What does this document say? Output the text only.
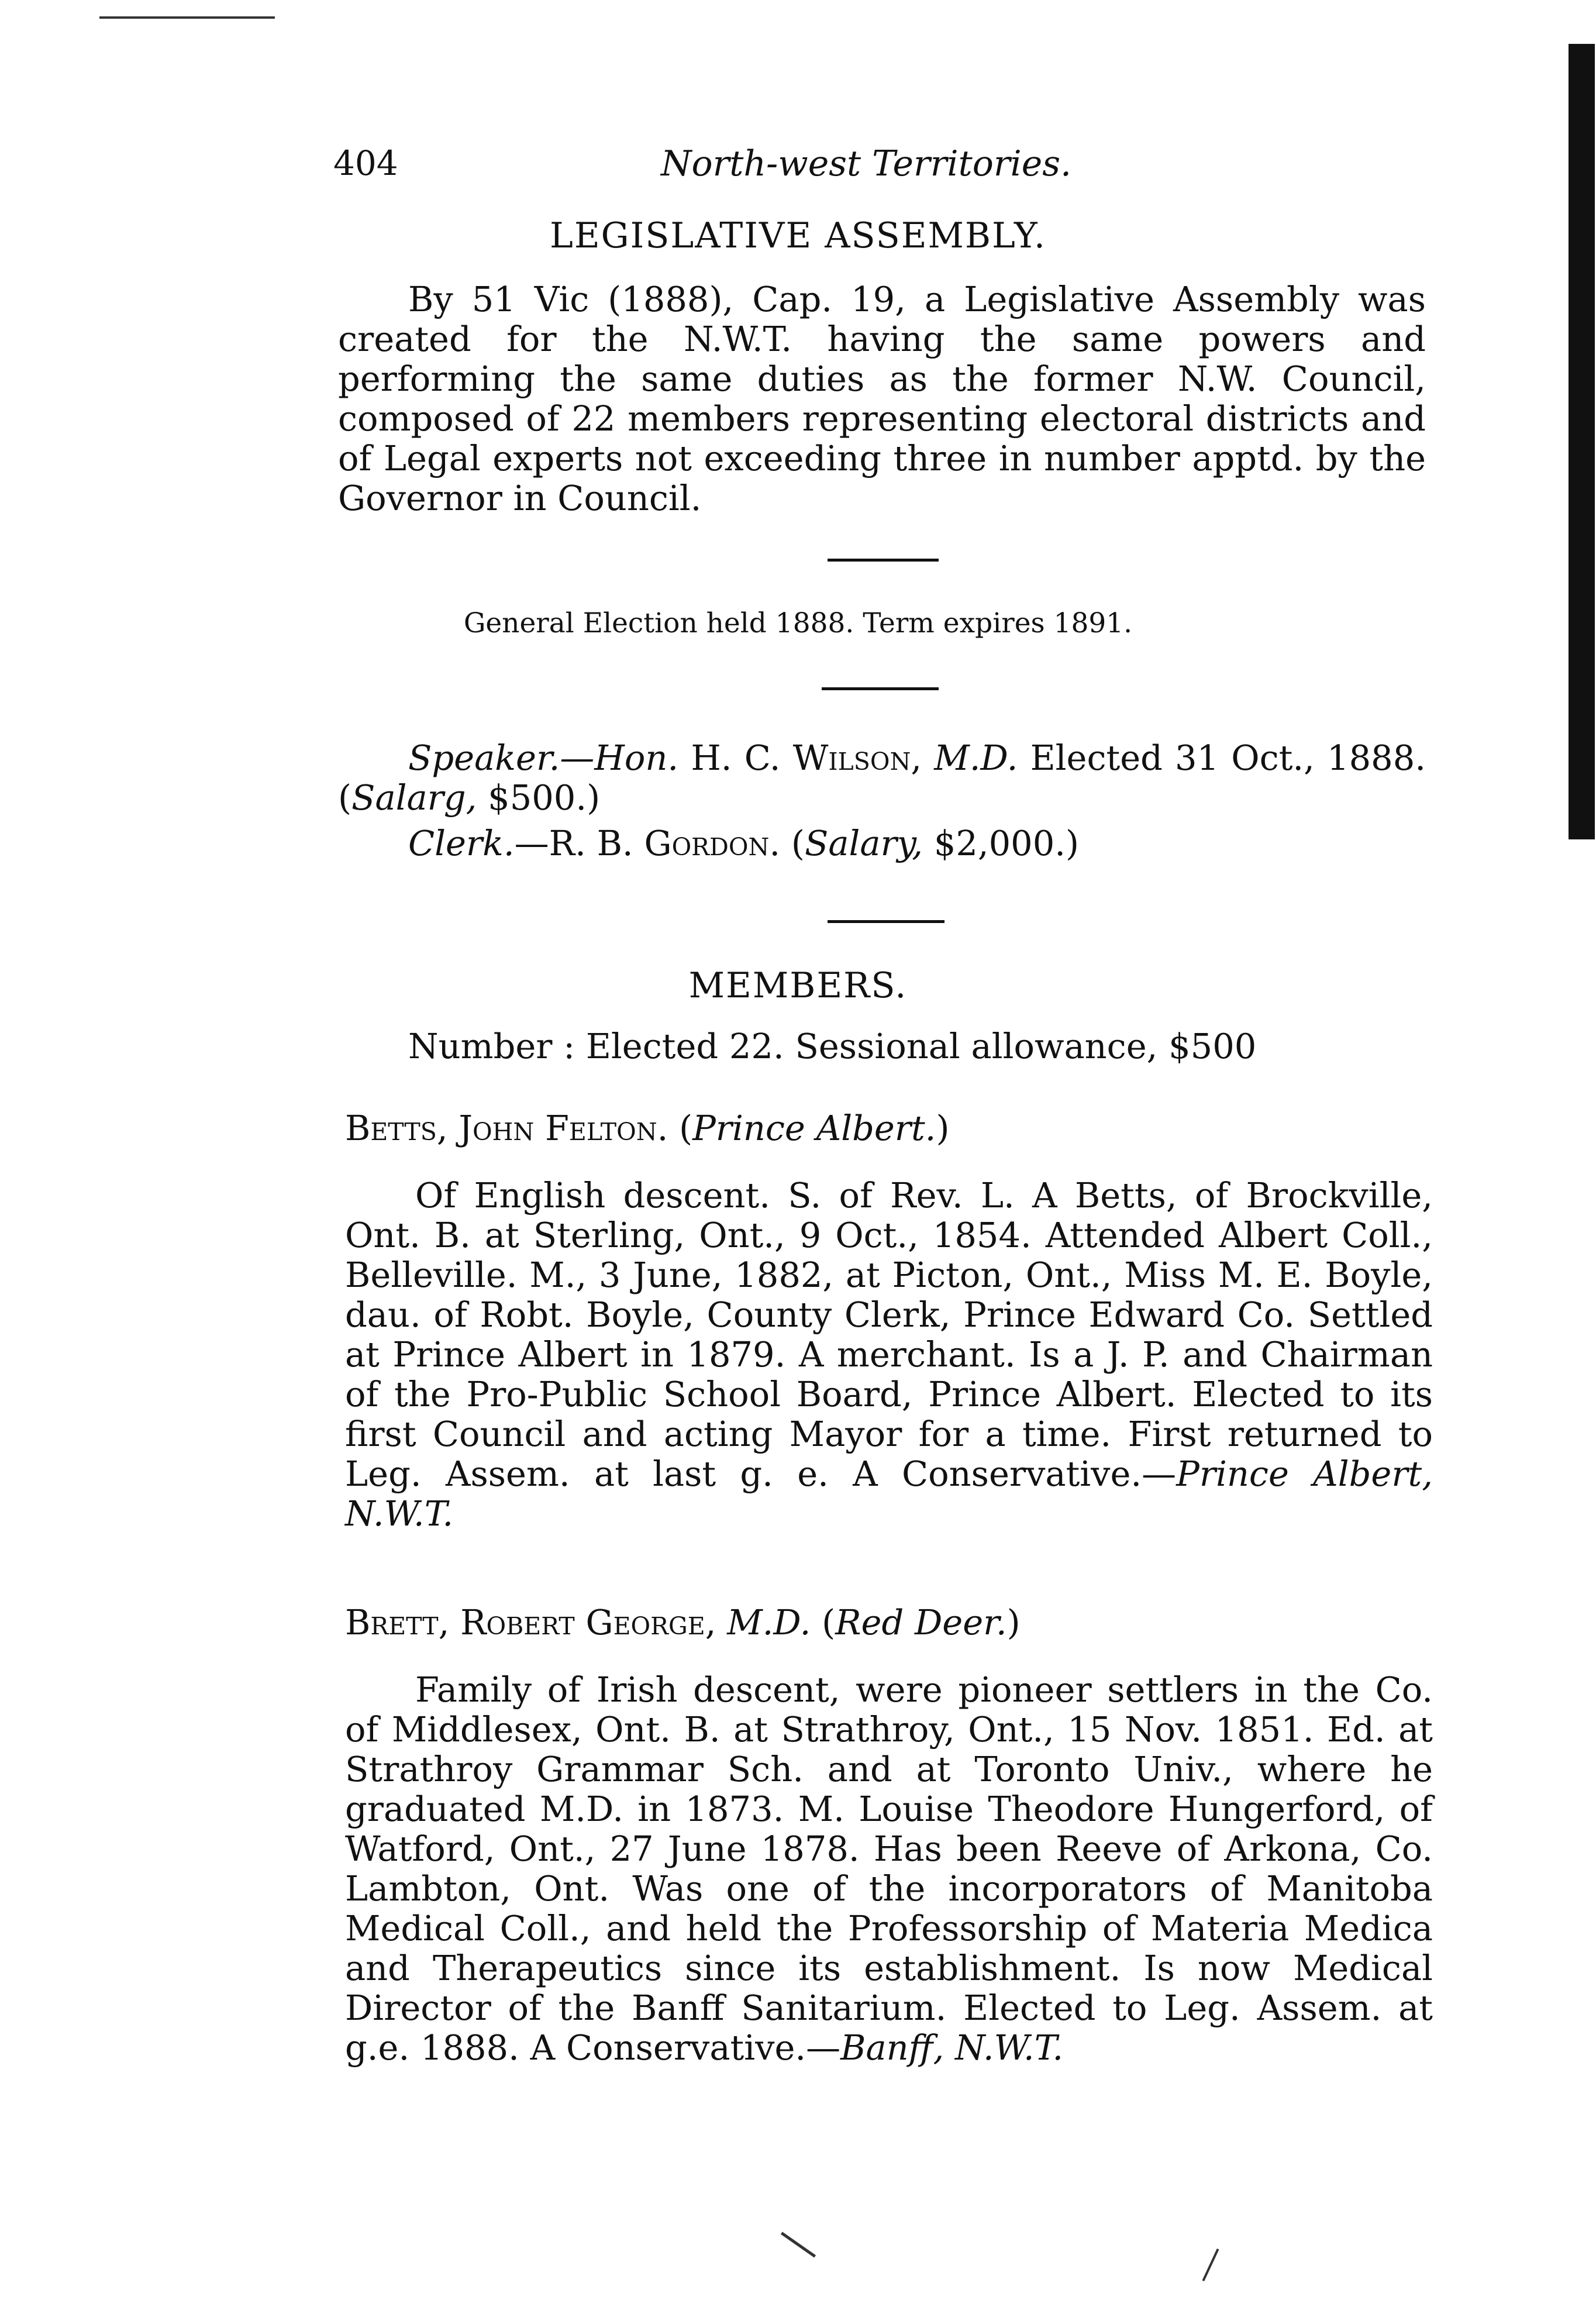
404	North-west Territories.
LEGISLATIVE ASSEMBLY.

By 51 Vic (1888), Cap. 19, a Legislative Assembly was created for the N.W.T. having the same powers and performing the same duties as the former N.W. Council, composed of 22 members representing electoral districts and of Legal experts not exceeding three in number apptd. by the Governor in Council.

General Election held 1888. Term expires 1891.

Speaker.—Hon. H. C. Wilson, M.D. Elected 31 Oct., 1888. (Salarg, $500.)

Clerk.—R. B. Gordon. (Salary, $2,000.)

MEMBERS.

Number : Elected 22. Sessional allowance, $500

Betts, John Felton. (Prince Albert.)

Of English descent. S. of Rev. L. A Betts, of Brockville, Ont. B. at Sterling, Ont., 9 Oct., 1854. Attended Albert Coll., Belleville. M., 3 June, 1882, at Picton, Ont., Miss M. E. Boyle, dau. of Robt. Boyle, County Clerk, Prince Edward Co. Settled at Prince Albert in 1879. A merchant. Is a J. P. and Chairman of the Pro-Public School Board, Prince Albert. Elected to its first Council and acting Mayor for a time. First returned to Leg. Assem. at last g. e. A Conservative.—Prince Albert, N.W.T.

Brett, Robert George, M.D. (Red Deer.)

Family of Irish descent, were pioneer settlers in the Co. of Middlesex, Ont. B. at Strathroy, Ont., 15 Nov. 1851. Ed. at Strathroy Grammar Sch. and at Toronto Univ., where he graduated M.D. in 1873. M. Louise Theodore Hungerford, of Watford, Ont., 27 June 1878. Has been Reeve of Arkona, Co. Lambton, Ont. Was one of the incorporators of Manitoba Medical Coll., and held the Professorship of Materia Medica and Therapeutics since its establishment. Is now Medical Director of the Banff Sanitarium. Elected to Leg. Assem. at g.e. 1888. A Conservative.—Banff, N.W.T.
